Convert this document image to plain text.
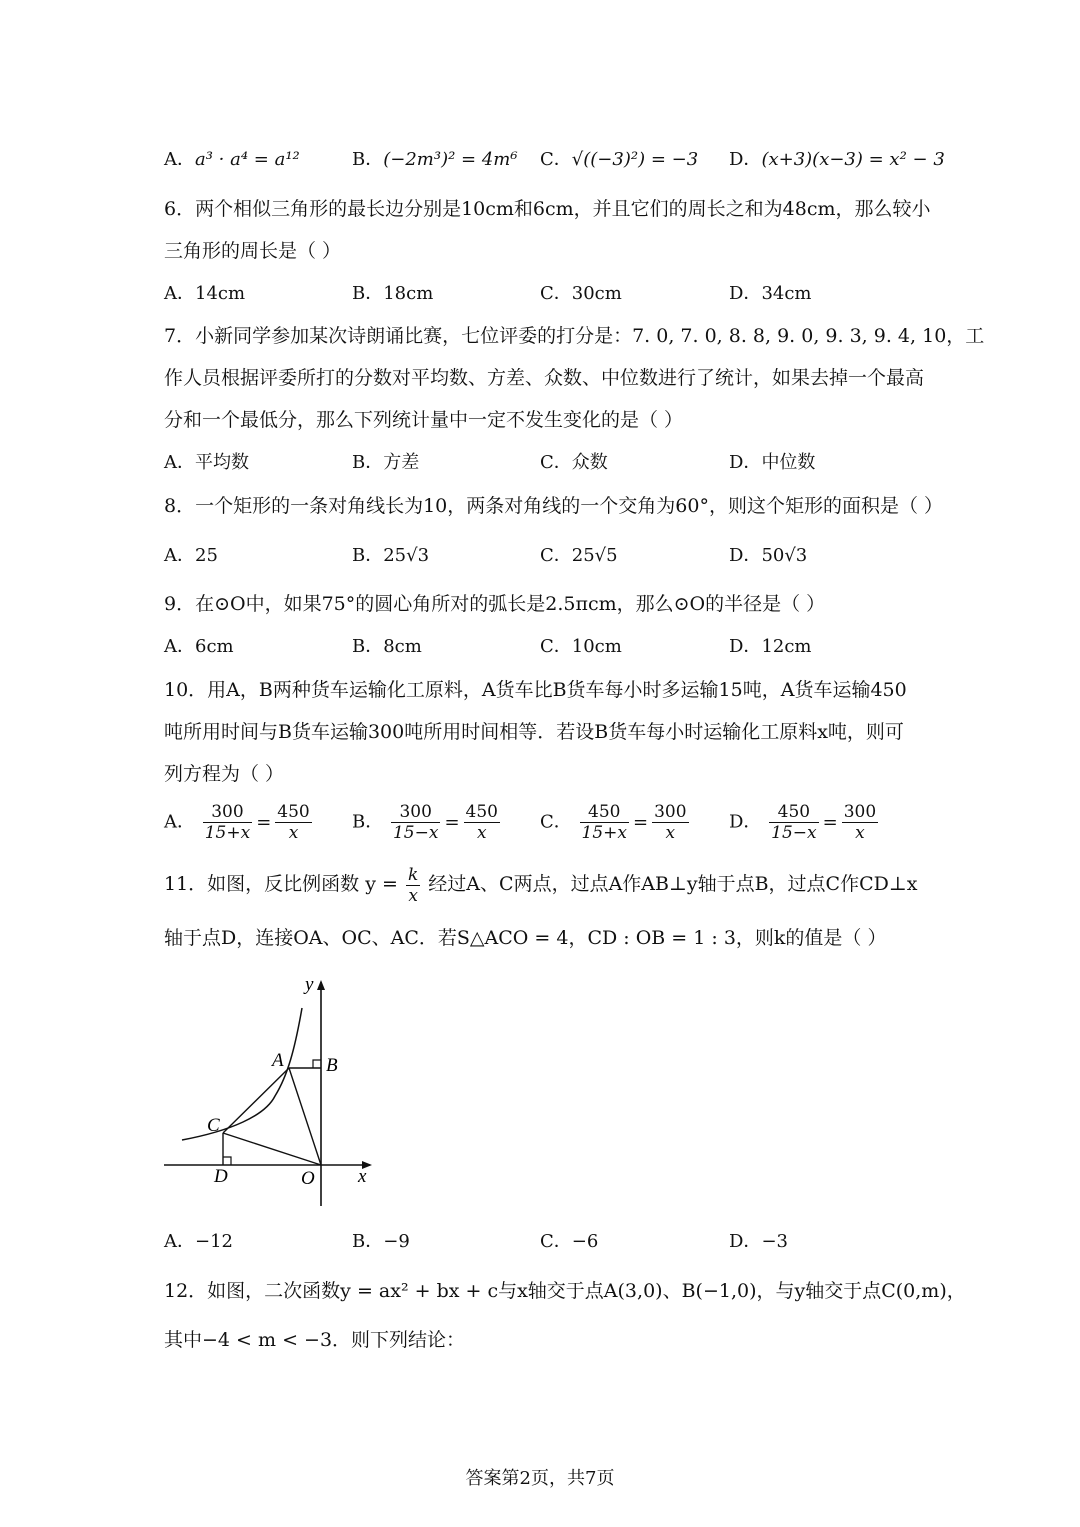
A．a³ · a⁴ = a¹²	B．(−2m³)² = 4m⁶ C．√((−3)²) = −3 D．(x+3)(x−3) = x² − 3
6．两个相似三角形的最长边分别是10cm和6cm，并且它们的周长之和为48cm，那么较小
三角形的周长是（ ）
A．14cm	B．18cm	C．30cm	D．34cm
7．小新同学参加某次诗朗诵比赛，七位评委的打分是：7. 0, 7. 0, 8. 8, 9. 0, 9. 3, 9. 4, 10，工
作人员根据评委所打的分数对平均数、方差、众数、中位数进行了统计，如果去掉一个最高
分和一个最低分，那么下列统计量中一定不发生变化的是（ ）
A．平均数	B．方差	C．众数	D．中位数
8．一个矩形的一条对角线长为10，两条对角线的一个交角为60°，则这个矩形的面积是（ ）
A．25	B．25√3	C．25√5	D．50√3
9．在⊙O中，如果75°的圆心角所对的弧长是2.5πcm，那么⊙O的半径是（ ）
A．6cm	B．8cm	C．10cm	D．12cm
10．用A，B两种货车运输化工原料，A货车比B货车每小时多运输15吨，A货车运输450
吨所用时间与B货车运输300吨所用时间相等．若设B货车每小时运输化工原料x吨，则可
列方程为（ ）
A． $\frac{300}{15+x} = \frac{450}{x}$ B． $\frac{300}{15-x} = \frac{450}{x}$ C． $\frac{450}{15+x} = \frac{300}{x}$ D． $\frac{450}{15-x} = \frac{300}{x}$
11．如图，反比例函数 $y = \frac{k}{x}$ 经过A、C两点，过点A作AB⊥y轴于点B，过点C作CD⊥x
轴于点D，连接OA、OC、AC．若S△ACO = 4，CD : OB = 1 : 3，则k的值是（ ）
y
x
A B
C
D	O
A．−12	B．−9	C．−6	D．−3
12．如图，二次函数y = ax² + bx + c与x轴交于点A(3,0)、B(−1,0)，与y轴交于点C(0,m)，
其中−4 < m < −3．则下列结论：
答案第2页，共7页
